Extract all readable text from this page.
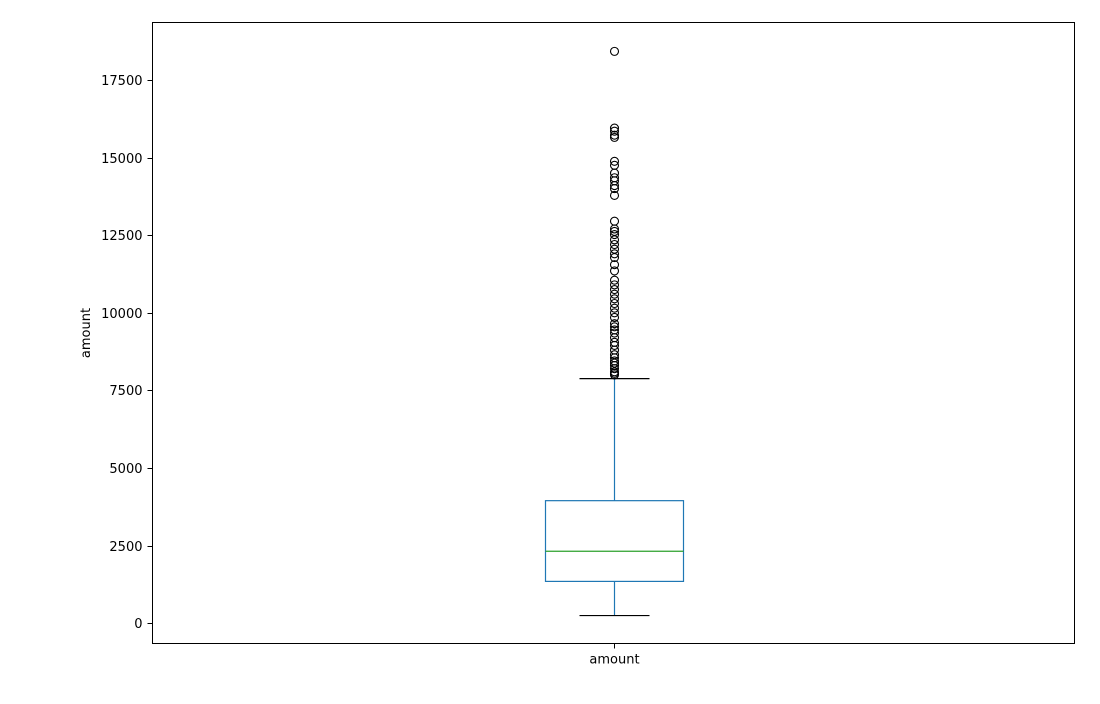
0
2500
5000
7500
10000
12500
15000
17500
amount
amount
